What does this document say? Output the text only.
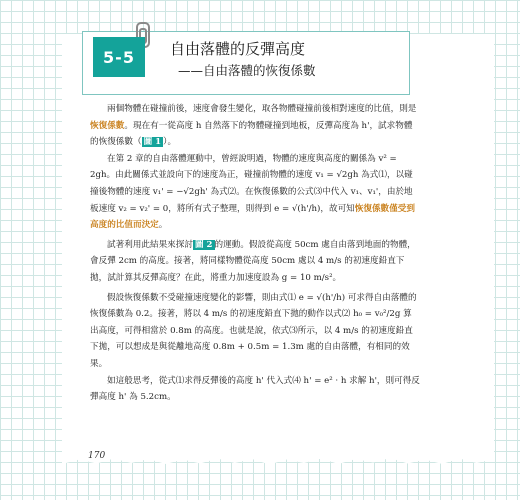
5-5	自由落體的反彈高度
——自由落體的恢復係數

兩個物體在碰撞前後，速度會發生變化，取各物體碰撞前後相對速度的比值，則是恢復係數。現在有一從高度 h 自然落下的物體碰撞到地板，反彈高度為 h'，試求物體的恢復係數（ 圖 1 ）。

在第 2 章的自由落體運動中，曾經說明過，物體的速度與高度的關係為 v² = 2gh。由此關係式並設向下的速度為正，碰撞前物體的速度 v₁ = √2gh 為式⑴，以碰撞後物體的速度 v₁' = −√2gh' 為式⑵。在恢復係數的公式⑶中代入 v₁、v₁'，由於地板速度 v₂ = v₂' = 0，將所有式子整理，則得到 e = √(h'/h)，故可知恢復係數僅受到高度的比值而決定。

試著利用此結果來探討 圖 2 的運動。假設從高度 50cm 處自由落到地面的物體，會反彈 2cm 的高度。接著，將同樣物體從高度 50cm 處以 4 m/s 的初速度鉛直下拋，試計算其反彈高度？在此，將重力加速度設為 g = 10 m/s²。

假設恢復係數不受碰撞速度變化的影響，則由式⑴ e = √(h'/h) 可求得自由落體的恢復係數為 0.2。接著，將以 4 m/s 的初速度鉛直下拋的動作以式⑵ h₀ = v₀²/2g 算出高度，可得相當於 0.8m 的高度。也就是說，依式⑶所示，以 4 m/s 的初速度鉛直下拋，可以想成是與從離地高度 0.8m + 0.5m = 1.3m 處的自由落體，有相同的效果。

如這般思考，從式⑴求得反彈後的高度 h' 代入式⑷ h' = e² · h 求解 h'，則可得反彈高度 h' 為 5.2cm。

170
